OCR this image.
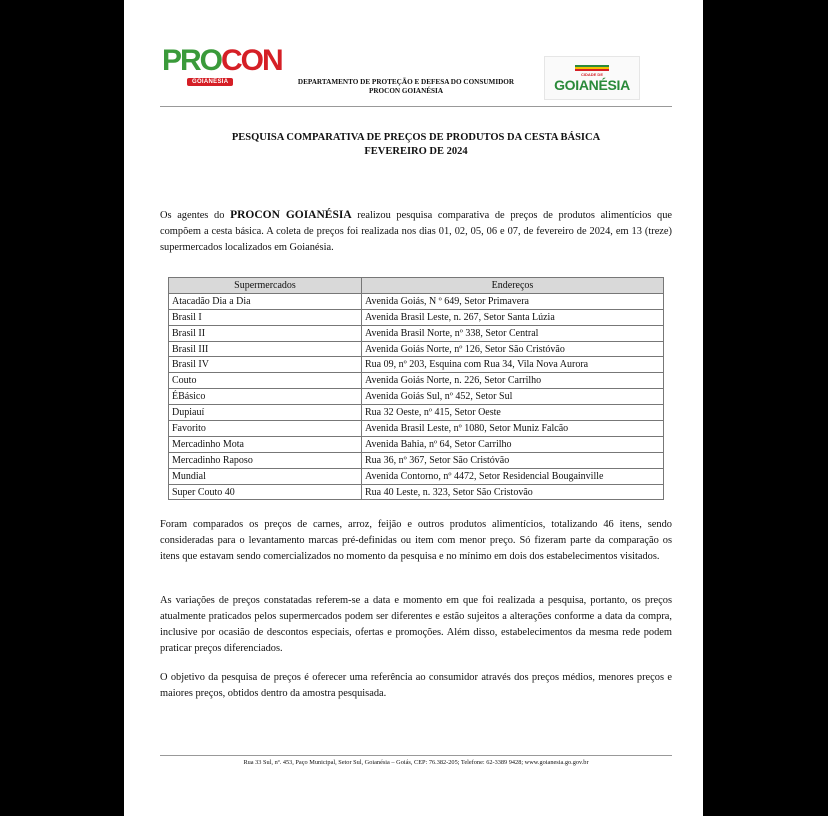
PROCON
GOIANÉSIA	DEPARTAMENTO DE PROTEÇÃO E DEFESA DO CONSUMIDOR
PROCON GOIANÉSIA
CIDADE DE
GOIANÉSIA
PESQUISA COMPARATIVA DE PREÇOS DE PRODUTOS DA CESTA BÁSICA
FEVEREIRO DE 2024
Os agentes do PROCON GOIANÉSIA realizou pesquisa comparativa de preços de produtos alimentícios que compõem a cesta básica. A coleta de preços foi realizada nos dias 01, 02, 05, 06 e 07, de fevereiro de 2024, em 13 (treze) supermercados localizados em Goianésia.
Supermercados	Endereços
Atacadão Dia a Dia	Avenida Goiás, N º 649, Setor Primavera
Brasil I	Avenida Brasil Leste, n. 267, Setor Santa Lúzia
Brasil II	Avenida Brasil Norte, nº 338, Setor Central
Brasil III	Avenida Goiás Norte, nº 126, Setor São Cristóvão
Brasil IV	Rua 09, nº 203, Esquina com Rua 34, Vila Nova Aurora
Couto	Avenida Goiás Norte, n. 226, Setor Carrilho
ÉBásico	Avenida Goiás Sul, nº 452, Setor Sul
Dupiauí	Rua 32 Oeste, nº 415, Setor Oeste
Favorito	Avenida Brasil Leste, nº 1080, Setor Muniz Falcão
Mercadinho Mota	Avenida Bahia, nº 64, Setor Carrilho
Mercadinho Raposo	Rua 36, nº 367, Setor São Cristóvão
Mundial	Avenida Contorno, nº 4472, Setor Residencial Bougainville
Super Couto 40	Rua 40 Leste, n. 323, Setor São Cristovão
Foram comparados os preços de carnes, arroz, feijão e outros produtos alimentícios, totalizando 46 itens, sendo consideradas para o levantamento marcas pré-definidas ou item com menor preço. Só fizeram parte da comparação os itens que estavam sendo comercializados no momento da pesquisa e no mínimo em dois dos estabelecimentos visitados.
As variações de preços constatadas referem-se a data e momento em que foi realizada a pesquisa, portanto, os preços atualmente praticados pelos supermercados podem ser diferentes e estão sujeitos a alterações conforme a data da compra, inclusive por ocasião de descontos especiais, ofertas e promoções. Além disso, estabelecimentos da mesma rede podem praticar preços diferenciados.
O objetivo da pesquisa de preços é oferecer uma referência ao consumidor através dos preços médios, menores preços e maiores preços, obtidos dentro da amostra pesquisada.
Rua 33 Sul, nº. 453, Paço Municipal, Setor Sul, Goianésia – Goiás, CEP: 76.382-205; Telefone: 62-3389 9428; www.goianesia.go.gov.br
